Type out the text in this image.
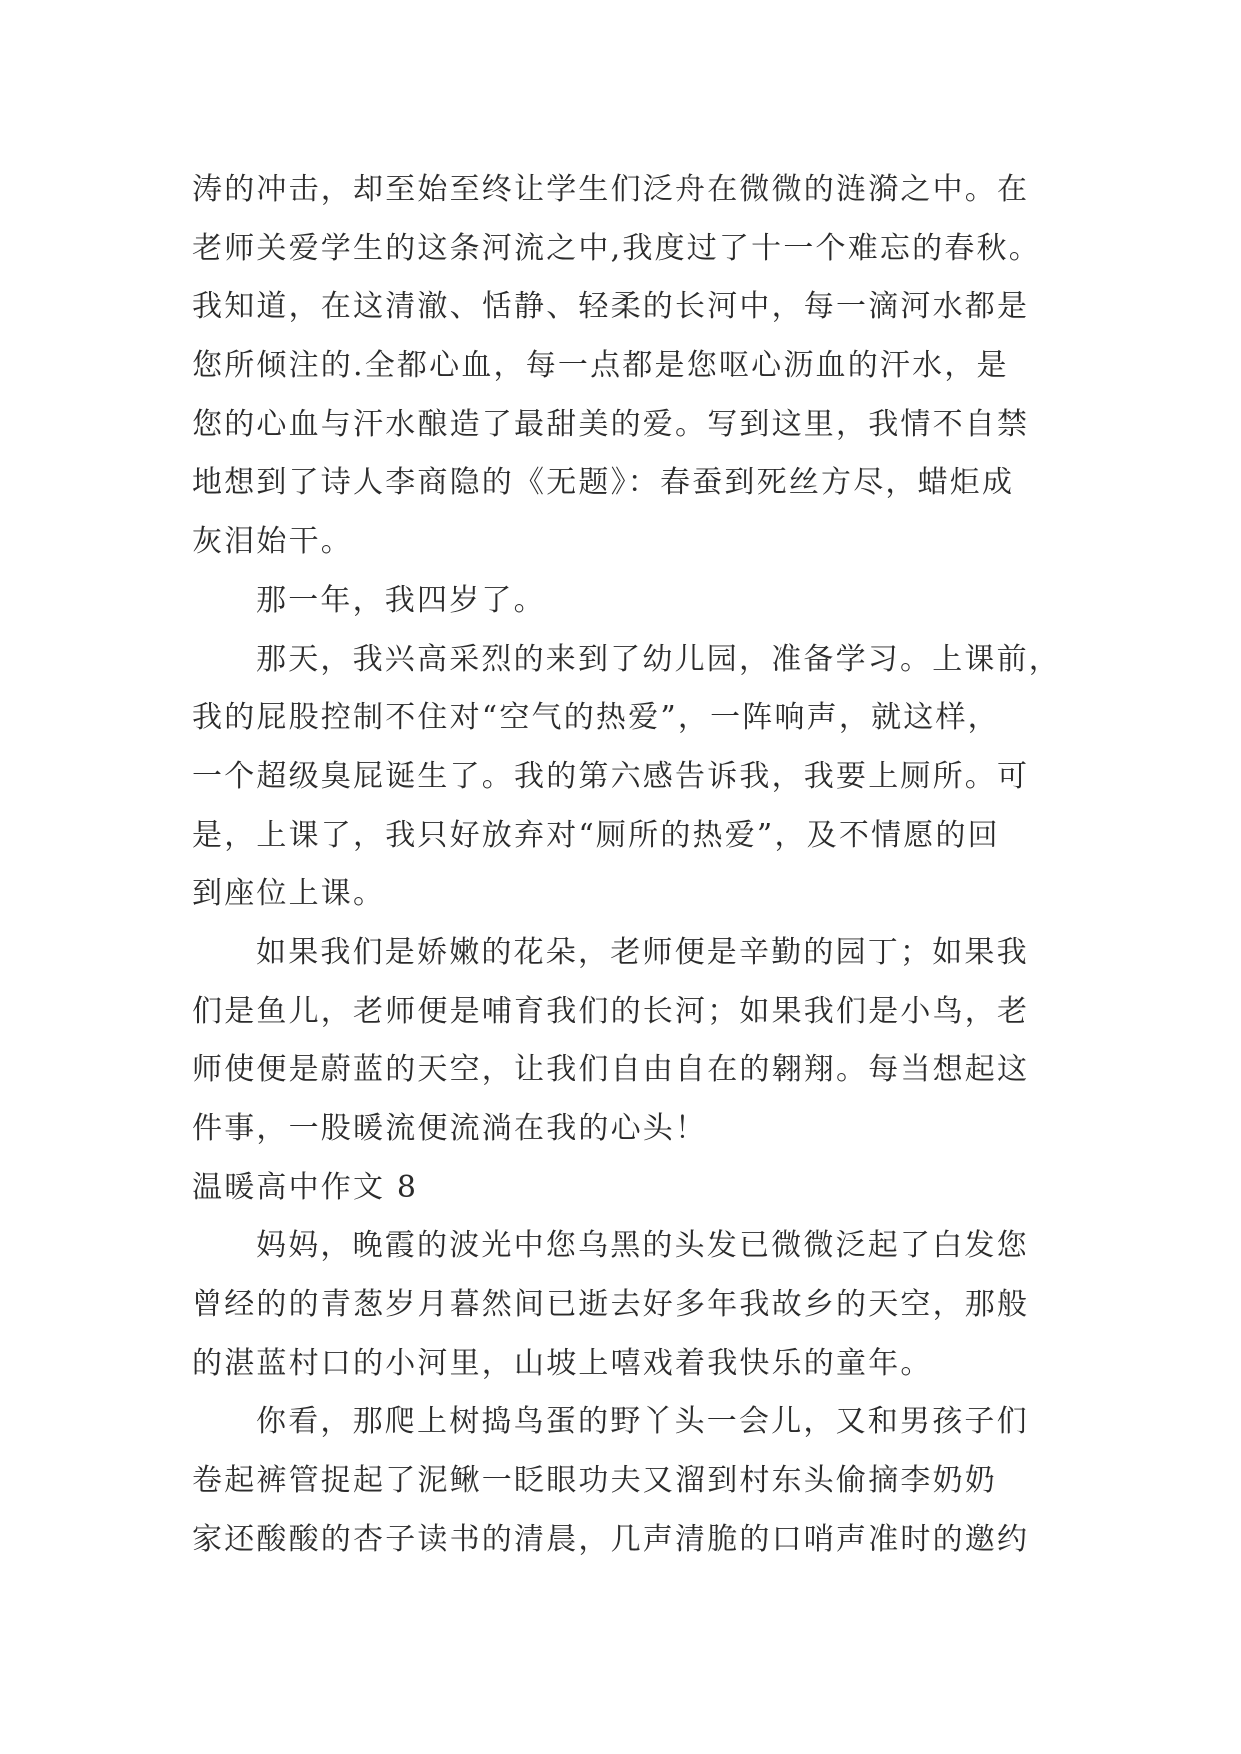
涛的冲击，却至始至终让学生们泛舟在微微的涟漪之中。在
老师关爱学生的这条河流之中,我度过了十一个难忘的春秋。
我知道，在这清澈、恬静、轻柔的长河中，每一滴河水都是
您所倾注的.全都心血，每一点都是您呕心沥血的汗水，是
您的心血与汗水酿造了最甜美的爱。写到这里，我情不自禁
地想到了诗人李商隐的《无题》：春蚕到死丝方尽，蜡炬成
灰泪始干。
那一年，我四岁了。
那天，我兴高采烈的来到了幼儿园，准备学习。上课前，
我的屁股控制不住对“空气的热爱”，一阵响声，就这样，
一个超级臭屁诞生了。我的第六感告诉我，我要上厕所。可
是，上课了，我只好放弃对“厕所的热爱”，及不情愿的回
到座位上课。
如果我们是娇嫩的花朵，老师便是辛勤的园丁；如果我
们是鱼儿，老师便是哺育我们的长河；如果我们是小鸟，老
师使便是蔚蓝的天空，让我们自由自在的翱翔。每当想起这
件事，一股暖流便流淌在我的心头！
温暖高中作文 8
妈妈，晚霞的波光中您乌黑的头发已微微泛起了白发您
曾经的的青葱岁月暮然间已逝去好多年我故乡的天空，那般
的湛蓝村口的小河里，山坡上嘻戏着我快乐的童年。
你看，那爬上树捣鸟蛋的野丫头一会儿，又和男孩子们
卷起裤管捉起了泥鳅一眨眼功夫又溜到村东头偷摘李奶奶
家还酸酸的杏子读书的清晨，几声清脆的口哨声准时的邀约
